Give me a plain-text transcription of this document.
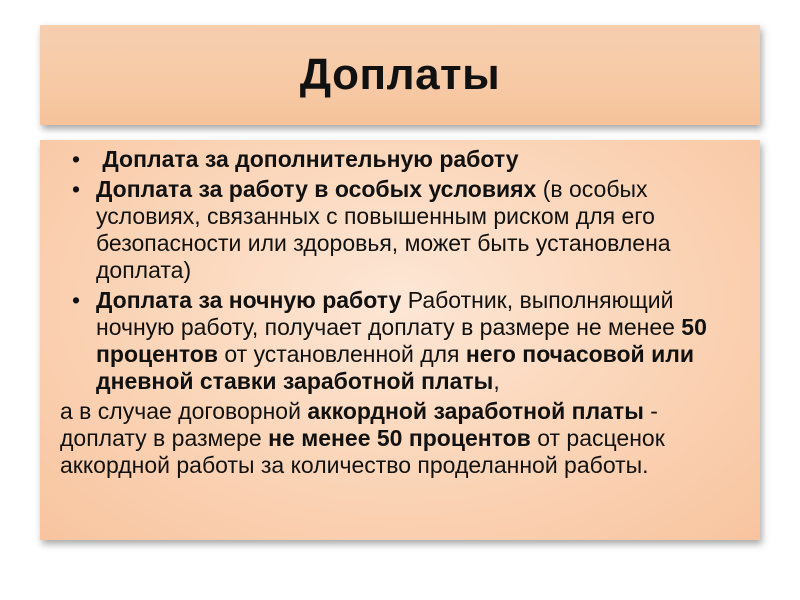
Доплаты
• Доплата за дополнительную работу
• Доплата за работу в особых условиях (в особых условиях, связанных с повышенным риском для его безопасности или здоровья, может быть установлена доплата)
• Доплата за ночную работу Работник, выполняющий ночную работу, получает доплату в размере не менее 50 процентов от установленной для него почасовой или дневной ставки заработной платы,
а в случае договорной аккордной заработной платы - доплату в размере не менее 50 процентов от расценок аккордной работы за количество проделанной работы.
